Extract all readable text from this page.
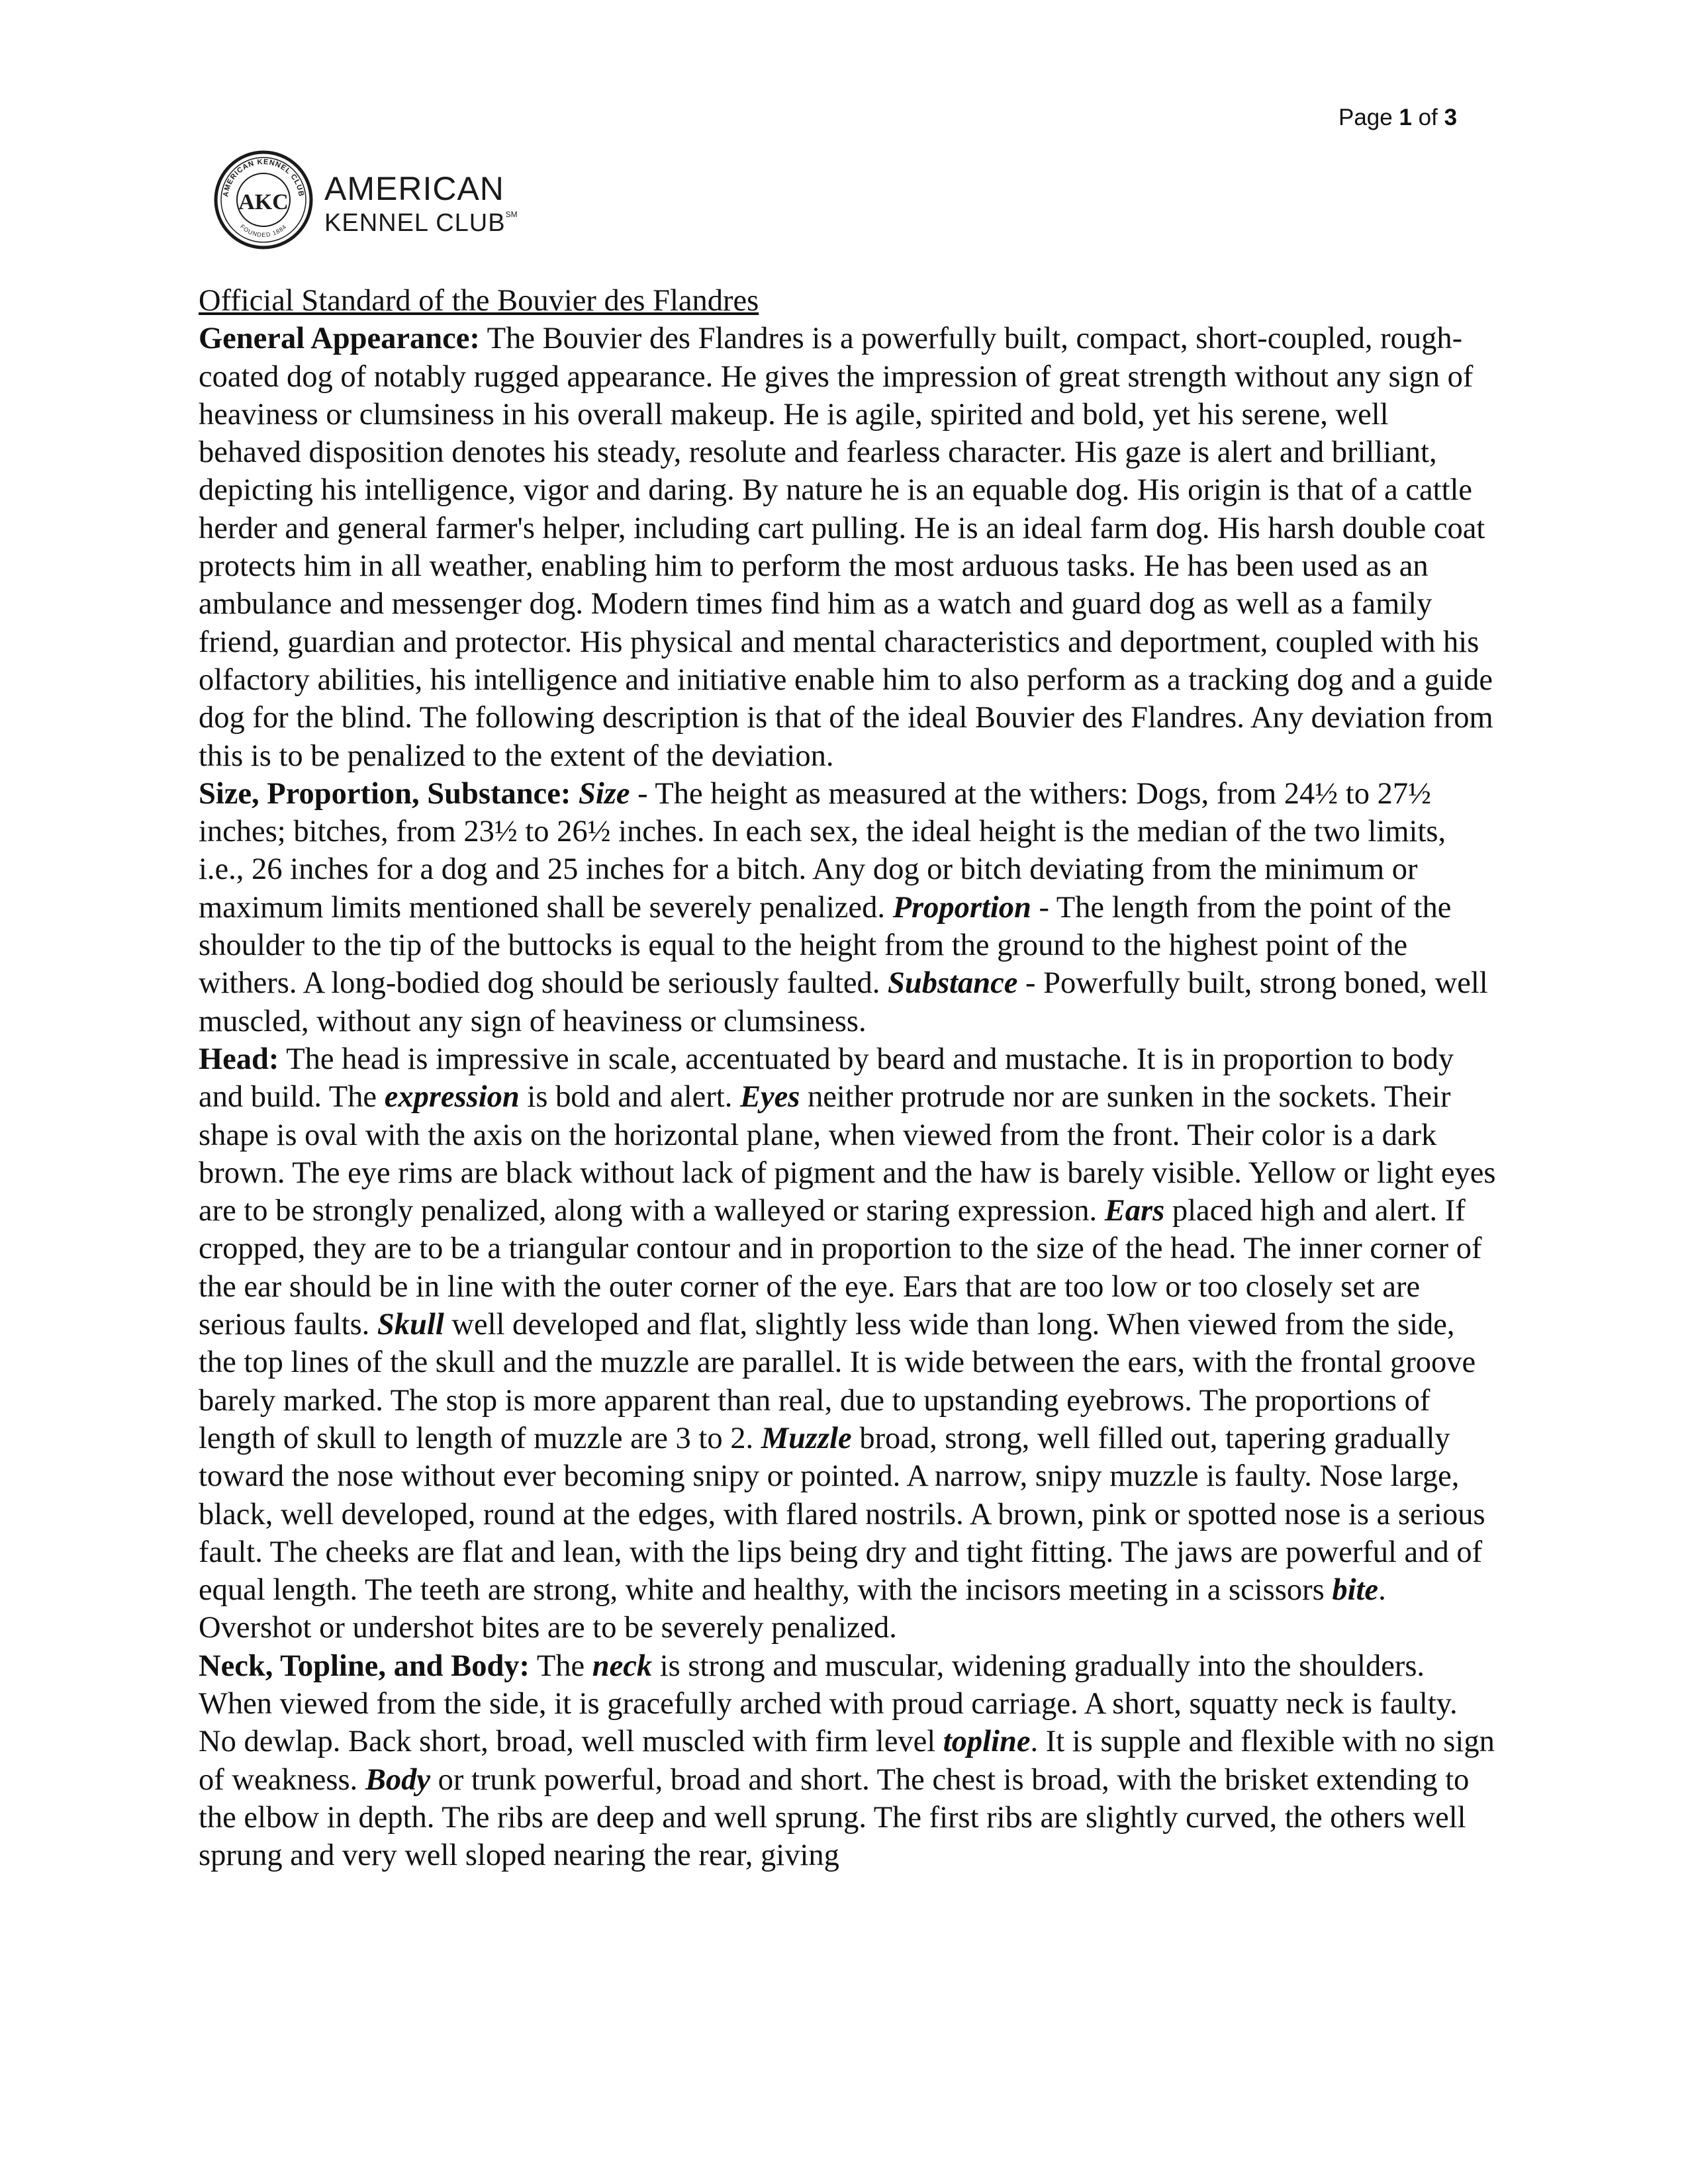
Page 1 of 3
AMERICAN KENNEL CLUB
FOUNDED 1884
AKC AMERICAN
KENNEL CLUB℠
Official Standard of the Bouvier des Flandres

General Appearance: The Bouvier des Flandres is a powerfully built, compact, short-coupled, rough-coated dog of notably rugged appearance. He gives the impression of great strength without any sign of heaviness or clumsiness in his overall makeup. He is agile, spirited and bold, yet his serene, well behaved disposition denotes his steady, resolute and fearless character. His gaze is alert and brilliant, depicting his intelligence, vigor and daring. By nature he is an equable dog. His origin is that of a cattle herder and general farmer's helper, including cart pulling. He is an ideal farm dog. His harsh double coat protects him in all weather, enabling him to perform the most arduous tasks. He has been used as an ambulance and messenger dog. Modern times find him as a watch and guard dog as well as a family friend, guardian and protector. His physical and mental characteristics and deportment, coupled with his olfactory abilities, his intelligence and initiative enable him to also perform as a tracking dog and a guide dog for the blind. The following description is that of the ideal Bouvier des Flandres. Any deviation from this is to be penalized to the extent of the deviation.

Size, Proportion, Substance: Size - The height as measured at the withers: Dogs, from 24½ to 27½ inches; bitches, from 23½ to 26½ inches. In each sex, the ideal height is the median of the two limits, i.e., 26 inches for a dog and 25 inches for a bitch. Any dog or bitch deviating from the minimum or maximum limits mentioned shall be severely penalized. Proportion - The length from the point of the shoulder to the tip of the buttocks is equal to the height from the ground to the highest point of the withers. A long-bodied dog should be seriously faulted. Substance - Powerfully built, strong boned, well muscled, without any sign of heaviness or clumsiness.

Head: The head is impressive in scale, accentuated by beard and mustache. It is in proportion to body and build. The expression is bold and alert. Eyes neither protrude nor are sunken in the sockets. Their shape is oval with the axis on the horizontal plane, when viewed from the front. Their color is a dark brown. The eye rims are black without lack of pigment and the haw is barely visible. Yellow or light eyes are to be strongly penalized, along with a walleyed or staring expression. Ears placed high and alert. If cropped, they are to be a triangular contour and in proportion to the size of the head. The inner corner of the ear should be in line with the outer corner of the eye. Ears that are too low or too closely set are serious faults. Skull well developed and flat, slightly less wide than long. When viewed from the side, the top lines of the skull and the muzzle are parallel. It is wide between the ears, with the frontal groove barely marked. The stop is more apparent than real, due to upstanding eyebrows. The proportions of length of skull to length of muzzle are 3 to 2. Muzzle broad, strong, well filled out, tapering gradually toward the nose without ever becoming snipy or pointed. A narrow, snipy muzzle is faulty. Nose large, black, well developed, round at the edges, with flared nostrils. A brown, pink or spotted nose is a serious fault. The cheeks are flat and lean, with the lips being dry and tight fitting. The jaws are powerful and of equal length. The teeth are strong, white and healthy, with the incisors meeting in a scissors bite. Overshot or undershot bites are to be severely penalized.

Neck, Topline, and Body: The neck is strong and muscular, widening gradually into the shoulders. When viewed from the side, it is gracefully arched with proud carriage. A short, squatty neck is faulty. No dewlap. Back short, broad, well muscled with firm level topline. It is supple and flexible with no sign of weakness. Body or trunk powerful, broad and short. The chest is broad, with the brisket extending to the elbow in depth. The ribs are deep and well sprung. The first ribs are slightly curved, the others well sprung and very well sloped nearing the rear, giving
